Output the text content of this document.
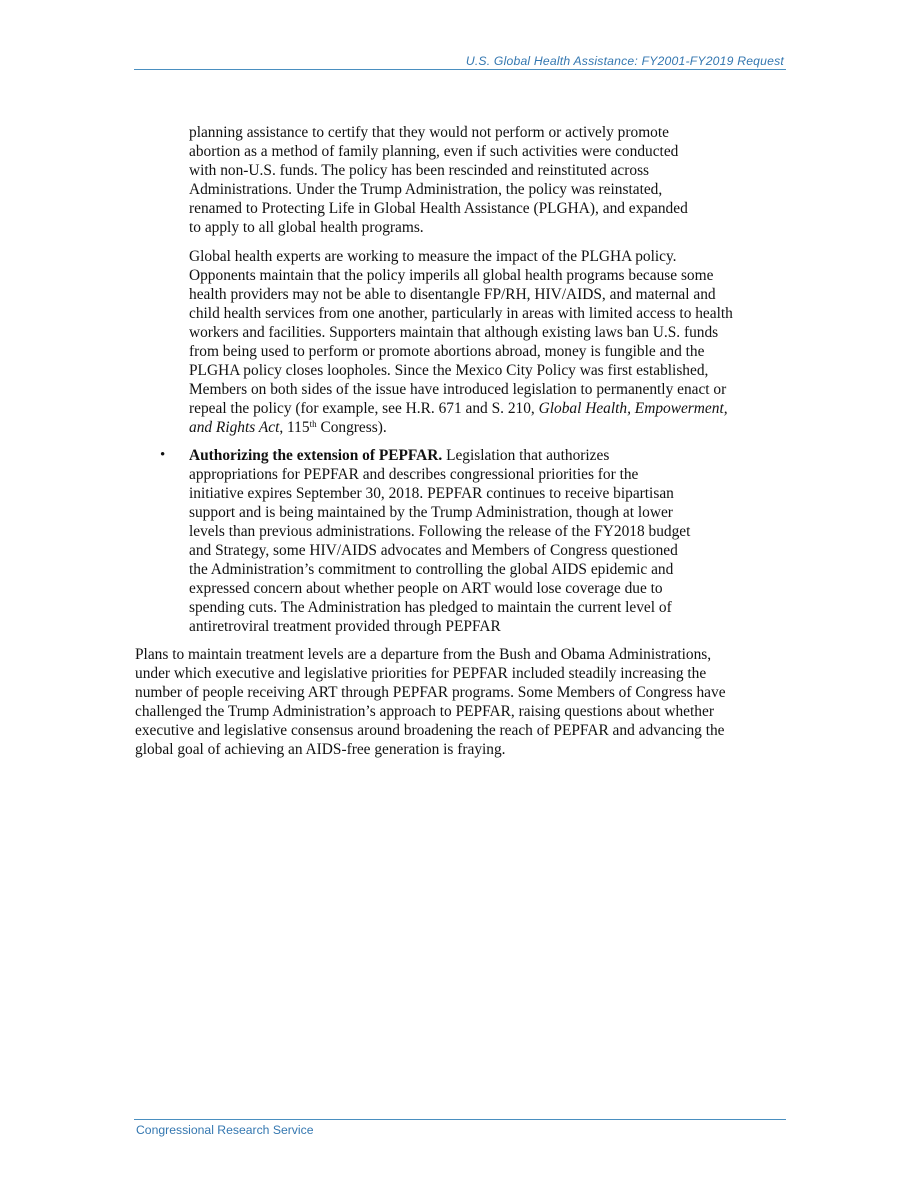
U.S. Global Health Assistance: FY2001-FY2019 Request
planning assistance to certify that they would not perform or actively promote
abortion as a method of family planning, even if such activities were conducted
with non-U.S. funds. The policy has been rescinded and reinstituted across
Administrations. Under the Trump Administration, the policy was reinstated,
renamed to Protecting Life in Global Health Assistance (PLGHA), and expanded
to apply to all global health programs.
Global health experts are working to measure the impact of the PLGHA policy.
Opponents maintain that the policy imperils all global health programs because some
health providers may not be able to disentangle FP/RH, HIV/AIDS, and maternal and
child health services from one another, particularly in areas with limited access to health
workers and facilities. Supporters maintain that although existing laws ban U.S. funds
from being used to perform or promote abortions abroad, money is fungible and the
PLGHA policy closes loopholes. Since the Mexico City Policy was first established,
Members on both sides of the issue have introduced legislation to permanently enact or
repeal the policy (for example, see H.R. 671 and S. 210, Global Health, Empowerment,
and Rights Act, 115th Congress).
• Authorizing the extension of PEPFAR. Legislation that authorizes
appropriations for PEPFAR and describes congressional priorities for the
initiative expires September 30, 2018. PEPFAR continues to receive bipartisan
support and is being maintained by the Trump Administration, though at lower
levels than previous administrations. Following the release of the FY2018 budget
and Strategy, some HIV/AIDS advocates and Members of Congress questioned
the Administration’s commitment to controlling the global AIDS epidemic and
expressed concern about whether people on ART would lose coverage due to
spending cuts. The Administration has pledged to maintain the current level of
antiretroviral treatment provided through PEPFAR
Plans to maintain treatment levels are a departure from the Bush and Obama Administrations,
under which executive and legislative priorities for PEPFAR included steadily increasing the
number of people receiving ART through PEPFAR programs. Some Members of Congress have
challenged the Trump Administration’s approach to PEPFAR, raising questions about whether
executive and legislative consensus around broadening the reach of PEPFAR and advancing the
global goal of achieving an AIDS-free generation is fraying.
Congressional Research Service
